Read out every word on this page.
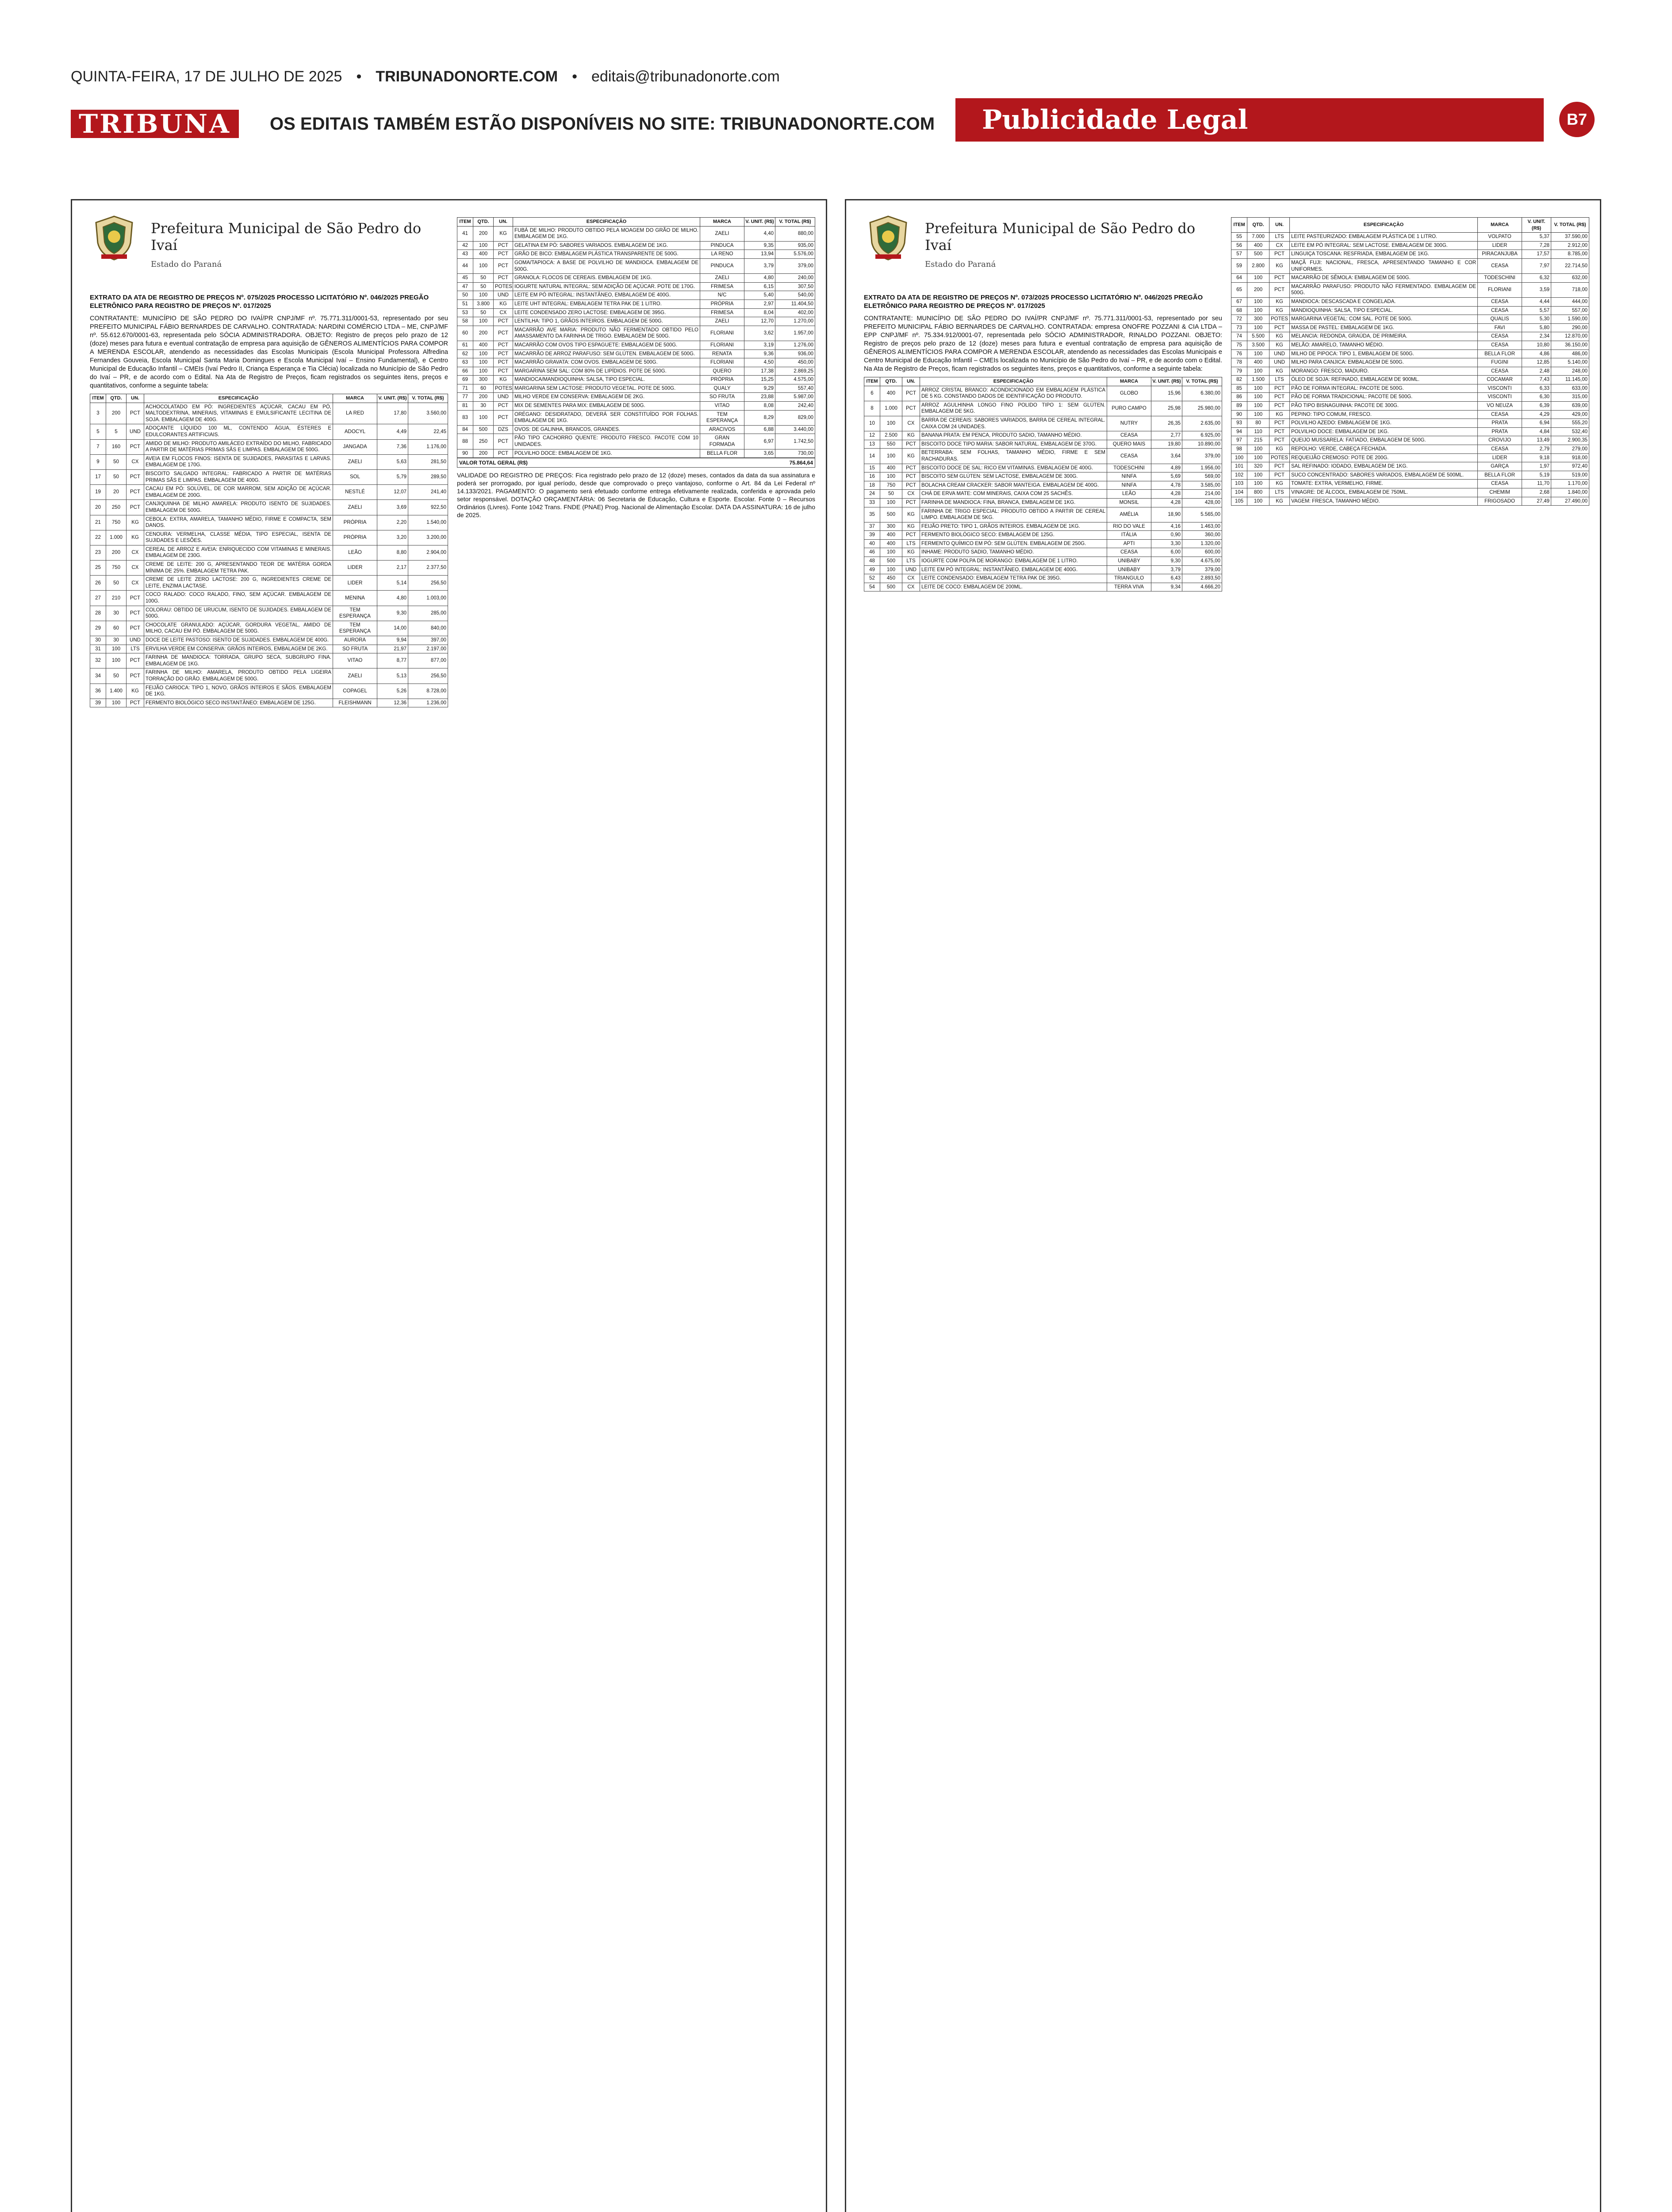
QUINTA-FEIRA, 17 DE JULHO DE 2025 • TRIBUNADONORTE.COM • editais@tribunadonorte.com
TRIBUNA	OS EDITAIS TAMBÉM ESTÃO DISPONÍVEIS NO SITE: TRIBUNADONORTE.COM	Publicidade Legal	B7
Prefeitura Municipal de São Pedro do Ivaí
Estado do Paraná
EXTRATO DA ATA DE REGISTRO DE PREÇOS Nº. 075/2025 PROCESSO LICITATÓRIO Nº. 046/2025 PREGÃO ELETRÔNICO PARA REGISTRO DE PREÇOS Nº. 017/2025
CONTRATANTE: MUNICÍPIO DE SÃO PEDRO DO IVAÍ/PR CNPJ/MF nº. 75.771.311/0001-53, representado por seu PREFEITO MUNICIPAL FÁBIO BERNARDES DE CARVALHO. CONTRATADA: NARDINI COMÉRCIO LTDA – ME, CNPJ/MF nº. 55.612.670/0001-63, representada pelo SÓCIA ADMINISTRADORA. OBJETO: Registro de preços pelo prazo de 12 (doze) meses para futura e eventual contratação de empresa para aquisição de GÊNEROS ALIMENTÍCIOS PARA COMPOR A MERENDA ESCOLAR, atendendo as necessidades das Escolas Municipais (Escola Municipal Professora Alfredina Fernandes Gouveia, Escola Municipal Santa Maria Domingues e Escola Municipal Ivaí – Ensino Fundamental), e Centro Municipal de Educação Infantil – CMEIs (Ivaí Pedro II, Criança Esperança e Tia Clécia) localizada no Município de São Pedro do Ivaí – PR, e de acordo com o Edital. Na Ata de Registro de Preços, ficam registrados os seguintes itens, preços e quantitativos, conforme a seguinte tabela:
ITEM	QTD.	UN.	ESPECIFICAÇÃO	MARCA	V. UNIT. (R$)	V. TOTAL (R$)
3	200	PCT	ACHOCOLATADO EM PÓ: INGREDIENTES AÇÚCAR, CACAU EM PÓ, MALTODEXTRINA, MINERAIS, VITAMINAS E EMULSIFICANTE LECITINA DE SOJA. EMBALAGEM DE 400G.	LA RED	17,80	3.560,00
5	5	UND	ADOÇANTE LÍQUIDO 100 ML, CONTENDO ÁGUA, ÉSTERES E EDULCORANTES ARTIFICIAIS.	ADOCYL	4,49	22,45
7	160	PCT	AMIDO DE MILHO: PRODUTO AMILÁCEO EXTRAÍDO DO MILHO, FABRICADO A PARTIR DE MATÉRIAS PRIMAS SÃS E LIMPAS. EMBALAGEM DE 500G.	JANGADA	7,36	1.176,00
9	50	CX	AVEIA EM FLOCOS FINOS: ISENTA DE SUJIDADES, PARASITAS E LARVAS. EMBALAGEM DE 170G.	ZAELI	5,63	281,50
17	50	PCT	BISCOITO SALGADO INTEGRAL: FABRICADO A PARTIR DE MATÉRIAS PRIMAS SÃS E LIMPAS. EMBALAGEM DE 400G.	SOL	5,79	289,50
19	20	PCT	CACAU EM PÓ: SOLÚVEL, DE COR MARROM, SEM ADIÇÃO DE AÇÚCAR. EMBALAGEM DE 200G.	NESTLÉ	12,07	241,40
20	250	PCT	CANJIQUINHA DE MILHO AMARELA: PRODUTO ISENTO DE SUJIDADES. EMBALAGEM DE 500G.	ZAELI	3,69	922,50
21	750	KG	CEBOLA: EXTRA, AMARELA, TAMANHO MÉDIO, FIRME E COMPACTA, SEM DANOS.	PRÓPRIA	2,20	1.540,00
22	1.000	KG	CENOURA: VERMELHA, CLASSE MÉDIA, TIPO ESPECIAL, ISENTA DE SUJIDADES E LESÕES.	PRÓPRIA	3,20	3.200,00
23	200	CX	CEREAL DE ARROZ E AVEIA: ENRIQUECIDO COM VITAMINAS E MINERAIS. EMBALAGEM DE 230G.	LEÃO	8,80	2.904,00
25	750	CX	CREME DE LEITE: 200 G, APRESENTANDO TEOR DE MATÉRIA GORDA MÍNIMA DE 25%. EMBALAGEM TETRA PAK.	LIDER	2,17	2.377,50
26	50	CX	CREME DE LEITE ZERO LACTOSE: 200 G, INGREDIENTES CREME DE LEITE, ENZIMA LACTASE.	LIDER	5,14	256,50
27	210	PCT	COCO RALADO: COCO RALADO, FINO, SEM AÇÚCAR. EMBALAGEM DE 100G.	MENINA	4,80	1.003,00
28	30	PCT	COLORAU: OBTIDO DE URUCUM, ISENTO DE SUJIDADES. EMBALAGEM DE 500G.	TEM ESPERANÇA	9,30	285,00
29	60	PCT	CHOCOLATE GRANULADO: AÇÚCAR, GORDURA VEGETAL, AMIDO DE MILHO, CACAU EM PÓ. EMBALAGEM DE 500G.	TEM ESPERANÇA	14,00	840,00
30	30	UND	DOCE DE LEITE PASTOSO: ISENTO DE SUJIDADES. EMBALAGEM DE 400G.	AURORA	9,94	397,00
31	100	LTS	ERVILHA VERDE EM CONSERVA: GRÃOS INTEIROS, EMBALAGEM DE 2KG.	SO FRUTA	21,97	2.197,00
32	100	PCT	FARINHA DE MANDIOCA: TORRADA, GRUPO SECA, SUBGRUPO FINA. EMBALAGEM DE 1KG.	VITAO	8,77	877,00
34	50	PCT	FARINHA DE MILHO: AMARELA, PRODUTO OBTIDO PELA LIGEIRA TORRAÇÃO DO GRÃO. EMBALAGEM DE 500G.	ZAELI	5,13	256,50
36	1.400	KG	FEIJÃO CARIOCA: TIPO 1, NOVO, GRÃOS INTEIROS E SÃOS. EMBALAGEM DE 1KG.	COPAGEL	5,26	8.728,00
39	100	PCT	FERMENTO BIOLÓGICO SECO INSTANTÂNEO: EMBALAGEM DE 125G.	FLEISHMANN	12,36	1.236,00
ITEM	QTD.	UN.	ESPECIFICAÇÃO	MARCA	V. UNIT. (R$)	V. TOTAL (R$)
41	200	KG	FUBÁ DE MILHO: PRODUTO OBTIDO PELA MOAGEM DO GRÃO DE MILHO. EMBALAGEM DE 1KG.	ZAELI	4,40	880,00
42	100	PCT	GELATINA EM PÓ: SABORES VARIADOS. EMBALAGEM DE 1KG.	PINDUCA	9,35	935,00
43	400	PCT	GRÃO DE BICO: EMBALAGEM PLÁSTICA TRANSPARENTE DE 500G.	LA RENO	13,94	5.576,00
44	100	PCT	GOMA/TAPIOCA: A BASE DE POLVILHO DE MANDIOCA. EMBALAGEM DE 500G.	PINDUCA	3,79	379,00
45	50	PCT	GRANOLA: FLOCOS DE CEREAIS. EMBALAGEM DE 1KG.	ZAELI	4,80	240,00
47	50	POTES	IOGURTE NATURAL INTEGRAL: SEM ADIÇÃO DE AÇÚCAR. POTE DE 170G.	FRIMESA	6,15	307,50
50	100	UND	LEITE EM PÓ INTEGRAL: INSTANTÂNEO, EMBALAGEM DE 400G.	N/C	5,40	540,00
51	3.800	KG	LEITE UHT INTEGRAL: EMBALAGEM TETRA PAK DE 1 LITRO.	PRÓPRIA	2,97	11.404,50
53	50	CX	LEITE CONDENSADO ZERO LACTOSE: EMBALAGEM DE 395G.	FRIMESA	8,04	402,00
58	100	PCT	LENTILHA: TIPO 1, GRÃOS INTEIROS. EMBALAGEM DE 500G.	ZAELI	12,70	1.270,00
60	200	PCT	MACARRÃO AVE MARIA: PRODUTO NÃO FERMENTADO OBTIDO PELO AMASSAMENTO DA FARINHA DE TRIGO. EMBALAGEM DE 500G.	FLORIANI	3,62	1.957,00
61	400	PCT	MACARRÃO COM OVOS TIPO ESPAGUETE: EMBALAGEM DE 500G.	FLORIANI	3,19	1.276,00
62	100	PCT	MACARRÃO DE ARROZ PARAFUSO: SEM GLÚTEN. EMBALAGEM DE 500G.	RENATA	9,36	936,00
63	100	PCT	MACARRÃO GRAVATA: COM OVOS. EMBALAGEM DE 500G.	FLORIANI	4,50	450,00
66	100	PCT	MARGARINA SEM SAL: COM 80% DE LIPÍDIOS. POTE DE 500G.	QUERO	17,38	2.869,25
69	300	KG	MANDIOCA/MANDIOQUINHA: SALSA, TIPO ESPECIAL.	PRÓPRIA	15,25	4.575,00
71	60	POTES	MARGARINA SEM LACTOSE: PRODUTO VEGETAL. POTE DE 500G.	QUALY	9,29	557,40
77	200	UND	MILHO VERDE EM CONSERVA: EMBALAGEM DE 2KG.	SO FRUTA	23,88	5.987,00
81	30	PCT	MIX DE SEMENTES PARA MIX: EMBALAGEM DE 500G.	VITAO	8,08	242,40
83	100	PCT	ORÉGANO: DESIDRATADO, DEVERÁ SER CONSTITUÍDO POR FOLHAS. EMBALAGEM DE 1KG.	TEM ESPERANÇA	8,29	829,00
84	500	DZS	OVOS: DE GALINHA, BRANCOS, GRANDES.	ARACIVOS	6,88	3.440,00
88	250	PCT	PÃO TIPO CACHORRO QUENTE: PRODUTO FRESCO. PACOTE COM 10 UNIDADES.	GRAN FORMADA	6,97	1.742,50
90	200	PCT	POLVILHO DOCE: EMBALAGEM DE 1KG.	BELLA FLOR	3,65	730,00
VALOR TOTAL GERAL (R$)	75.864,64
VALIDADE DO REGISTRO DE PREÇOS: Fica registrado pelo prazo de 12 (doze) meses, contados da data da sua assinatura e poderá ser prorrogado, por igual período, desde que comprovado o preço vantajoso, conforme o Art. 84 da Lei Federal nº 14.133/2021. PAGAMENTO: O pagamento será efetuado conforme entrega efetivamente realizada, conferida e aprovada pelo setor responsável. DOTAÇÃO ORÇAMENTÁRIA: 06 Secretaria de Educação, Cultura e Esporte. Escolar. Fonte 0 – Recursos Ordinários (Livres). Fonte 1042 Trans. FNDE (PNAE) Prog. Nacional de Alimentação Escolar. DATA DA ASSINATURA: 16 de julho de 2025.
Prefeitura Municipal de São Pedro do Ivaí
Estado do Paraná
EXTRATO DA ATA DE REGISTRO DE PREÇOS Nº. 073/2025 PROCESSO LICITATÓRIO Nº. 046/2025 PREGÃO ELETRÔNICO PARA REGISTRO DE PREÇOS Nº. 017/2025
CONTRATANTE: MUNICÍPIO DE SÃO PEDRO DO IVAÍ/PR CNPJ/MF nº. 75.771.311/0001-53, representado por seu PREFEITO MUNICIPAL FÁBIO BERNARDES DE CARVALHO. CONTRATADA: empresa ONOFRE POZZANI & CIA LTDA – EPP CNPJ/MF nº. 75.334.912/0001-07, representada pelo SÓCIO ADMINISTRADOR, RINALDO POZZANI. OBJETO: Registro de preços pelo prazo de 12 (doze) meses para futura e eventual contratação de empresa para aquisição de GÊNEROS ALIMENTÍCIOS PARA COMPOR A MERENDA ESCOLAR, atendendo as necessidades das Escolas Municipais e Centro Municipal de Educação Infantil – CMEIs localizada no Município de São Pedro do Ivaí – PR, e de acordo com o Edital. Na Ata de Registro de Preços, ficam registrados os seguintes itens, preços e quantitativos, conforme a seguinte tabela:
ITEM	QTD.	UN.	ESPECIFICAÇÃO	MARCA	V. UNIT. (R$)	V. TOTAL (R$)
6	400	PCT	ARROZ CRISTAL BRANCO: ACONDICIONADO EM EMBALAGEM PLÁSTICA DE 5 KG. CONSTANDO DADOS DE IDENTIFICAÇÃO DO PRODUTO.	GLOBO	15,96	6.380,00
8	1.000	PCT	ARROZ AGULHINHA LONGO FINO POLIDO TIPO 1: SEM GLÚTEN. EMBALAGEM DE 5KG.	PURO CAMPO	25,98	25.980,00
10	100	CX	BARRA DE CEREAIS: SABORES VARIADOS, BARRA DE CEREAL INTEGRAL. CAIXA COM 24 UNIDADES.	NUTRY	26,35	2.635,00
12	2.500	KG	BANANA PRATA: EM PENCA, PRODUTO SADIO, TAMANHO MÉDIO.	CEASA	2,77	6.925,00
13	550	PCT	BISCOITO DOCE TIPO MARIA: SABOR NATURAL. EMBALAGEM DE 370G.	QUERO MAIS	19,80	10.890,00
14	100	KG	BETERRABA: SEM FOLHAS, TAMANHO MÉDIO, FIRME E SEM RACHADURAS.	CEASA	3,64	379,00
15	400	PCT	BISCOITO DOCE DE SAL: RICO EM VITAMINAS. EMBALAGEM DE 400G.	TODESCHINI	4,89	1.956,00
16	100	PCT	BISCOITO SEM GLÚTEN: SEM LACTOSE, EMBALAGEM DE 300G.	NINFA	5,69	569,00
18	750	PCT	BOLACHA CREAM CRACKER: SABOR MANTEIGA. EMBALAGEM DE 400G.	NINFA	4,78	3.585,00
24	50	CX	CHÁ DE ERVA MATE: COM MINERAIS, CAIXA COM 25 SACHÊS.	LEÃO	4,28	214,00
33	100	PCT	FARINHA DE MANDIOCA: FINA, BRANCA, EMBALAGEM DE 1KG.	MONSIL	4,28	428,00
35	500	KG	FARINHA DE TRIGO ESPECIAL: PRODUTO OBTIDO A PARTIR DE CEREAL LIMPO. EMBALAGEM DE 5KG.	AMÉLIA	18,90	5.565,00
37	300	KG	FEIJÃO PRETO: TIPO 1, GRÃOS INTEIROS. EMBALAGEM DE 1KG.	RIO DO VALE	4,16	1.463,00
39	400	PCT	FERMENTO BIOLÓGICO SECO: EMBALAGEM DE 125G.	ITÁLIA	0,90	360,00
40	400	LTS	FERMENTO QUÍMICO EM PÓ: SEM GLÚTEN. EMBALAGEM DE 250G.	APTI	3,30	1.320,00
46	100	KG	INHAME: PRODUTO SADIO, TAMANHO MÉDIO.	CEASA	6,00	600,00
48	500	LTS	IOGURTE COM POLPA DE MORANGO: EMBALAGEM DE 1 LITRO.	UNIBABY	9,30	4.675,00
49	100	UND	LEITE EM PÓ INTEGRAL: INSTANTÂNEO, EMBALAGEM DE 400G.	UNIBABY	3,79	379,00
52	450	CX	LEITE CONDENSADO: EMBALAGEM TETRA PAK DE 395G.	TRIANGULO	6,43	2.893,50
54	500	CX	LEITE DE COCO: EMBALAGEM DE 200ML.	TERRA VIVA	9,34	4.666,20
ITEM	QTD.	UN.	ESPECIFICAÇÃO	MARCA	V. UNIT. (R$)	V. TOTAL (R$)
55	7.000	LTS	LEITE PASTEURIZADO: EMBALAGEM PLÁSTICA DE 1 LITRO.	VOLPATO	5,37	37.590,00
56	400	CX	LEITE EM PÓ INTEGRAL: SEM LACTOSE. EMBALAGEM DE 300G.	LIDER	7,28	2.912,00
57	500	PCT	LINGUIÇA TOSCANA: RESFRIADA, EMBALAGEM DE 1KG.	PIRACANJUBA	17,57	8.785,00
59	2.800	KG	MAÇÃ FUJI: NACIONAL, FRESCA, APRESENTANDO TAMANHO E COR UNIFORMES.	CEASA	7,97	22.714,50
64	100	PCT	MACARRÃO DE SÊMOLA: EMBALAGEM DE 500G.	TODESCHINI	6,32	632,00
65	200	PCT	MACARRÃO PARAFUSO: PRODUTO NÃO FERMENTADO. EMBALAGEM DE 500G.	FLORIANI	3,59	718,00
67	100	KG	MANDIOCA: DESCASCADA E CONGELADA.	CEASA	4,44	444,00
68	100	KG	MANDIOQUINHA: SALSA, TIPO ESPECIAL.	CEASA	5,57	557,00
72	300	POTES	MARGARINA VEGETAL: COM SAL. POTE DE 500G.	QUALIS	5,30	1.590,00
73	100	PCT	MASSA DE PASTEL: EMBALAGEM DE 1KG.	FAVI	5,80	290,00
74	5.500	KG	MELANCIA: REDONDA, GRAÚDA, DE PRIMEIRA.	CEASA	2,34	12.870,00
75	3.500	KG	MELÃO: AMARELO, TAMANHO MÉDIO.	CEASA	10,80	36.150,00
76	100	UND	MILHO DE PIPOCA: TIPO 1, EMBALAGEM DE 500G.	BELLA FLOR	4,86	486,00
78	400	UND	MILHO PARA CANJICA: EMBALAGEM DE 500G.	FUGINI	12,85	5.140,00
79	100	KG	MORANGO: FRESCO, MADURO.	CEASA	2,48	248,00
82	1.500	LTS	ÓLEO DE SOJA: REFINADO, EMBALAGEM DE 900ML.	COCAMAR	7,43	11.145,00
85	100	PCT	PÃO DE FORMA INTEGRAL: PACOTE DE 500G.	VISCONTI	6,33	633,00
86	100	PCT	PÃO DE FORMA TRADICIONAL: PACOTE DE 500G.	VISCONTI	6,30	315,00
89	100	PCT	PÃO TIPO BISNAGUINHA: PACOTE DE 300G.	VO NEUZA	6,39	639,00
90	100	KG	PEPINO: TIPO COMUM, FRESCO.	CEASA	4,29	429,00
93	80	PCT	POLVILHO AZEDO: EMBALAGEM DE 1KG.	PRATA	6,94	555,20
94	110	PCT	POLVILHO DOCE: EMBALAGEM DE 1KG.	PRATA	4,84	532,40
97	215	PCT	QUEIJO MUSSARELA: FATIADO, EMBALAGEM DE 500G.	CROVIJO	13,49	2.900,35
98	100	KG	REPOLHO: VERDE, CABEÇA FECHADA.	CEASA	2,79	279,00
100	100	POTES	REQUEIJÃO CREMOSO: POTE DE 200G.	LIDER	9,18	918,00
101	320	PCT	SAL REFINADO: IODADO, EMBALAGEM DE 1KG.	GARÇA	1,97	972,40
102	100	PCT	SUCO CONCENTRADO: SABORES VARIADOS, EMBALAGEM DE 500ML.	BELLA FLOR	5,19	519,00
103	100	KG	TOMATE: EXTRA, VERMELHO, FIRME.	CEASA	11,70	1.170,00
104	800	LTS	VINAGRE: DE ÁLCOOL, EMBALAGEM DE 750ML.	CHEMIM	2,68	1.840,00
105	100	KG	VAGEM: FRESCA, TAMANHO MÉDIO.	FRIGOSADO	27,49	27.490,00
